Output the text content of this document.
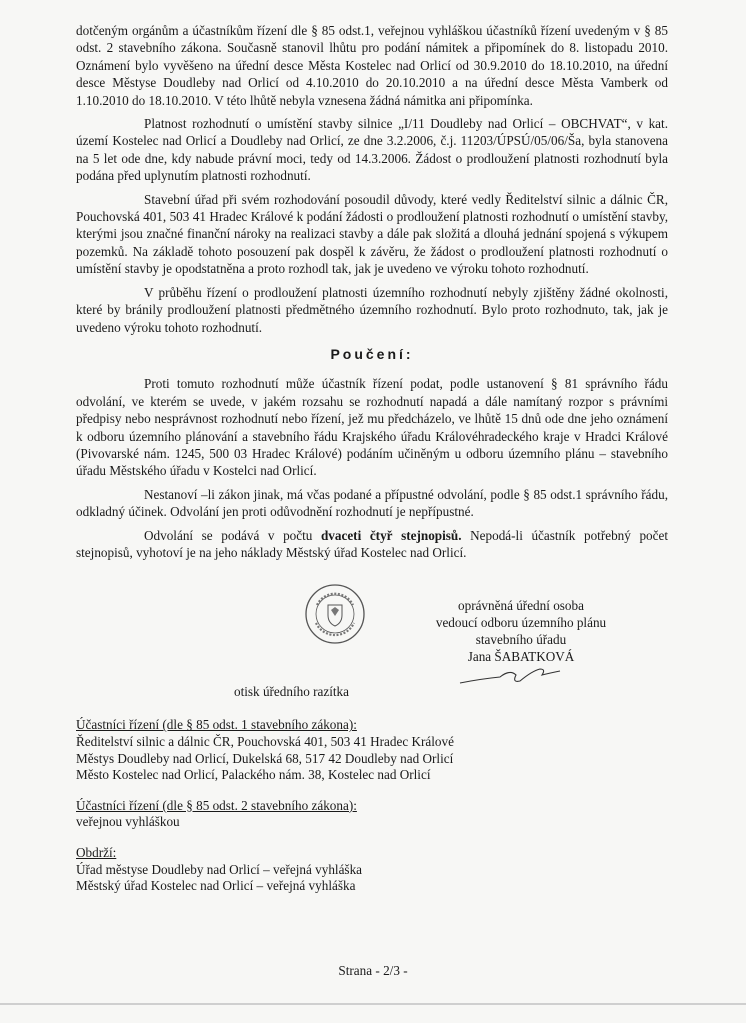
dotčeným orgánům a účastníkům řízení dle § 85 odst.1, veřejnou vyhláškou účastníků řízení uvedeným v § 85 odst. 2 stavebního zákona. Současně stanovil lhůtu pro podání námitek a připomínek do 8. listopadu 2010. Oznámení bylo vyvěšeno na úřední desce Města Kostelec nad Orlicí od 30.9.2010 do 18.10.2010, na úřední desce Městyse Doudleby nad Orlicí od 4.10.2010 do 20.10.2010 a na úřední desce Města Vamberk od 1.10.2010 do 18.10.2010. V této lhůtě nebyla vznesena žádná námitka ani připomínka.

Platnost rozhodnutí o umístění stavby silnice „I/11 Doudleby nad Orlicí – OBCHVAT“, v kat. území Kostelec nad Orlicí a Doudleby nad Orlicí, ze dne 3.2.2006, č.j. 11203/ÚPSÚ/05/06/Ša, byla stanovena na 5 let ode dne, kdy nabude právní moci, tedy od 14.3.2006. Žádost o prodloužení platnosti rozhodnutí byla podána před uplynutím platnosti rozhodnutí.

Stavební úřad při svém rozhodování posoudil důvody, které vedly Ředitelství silnic a dálnic ČR, Pouchovská 401, 503 41 Hradec Králové k podání žádosti o prodloužení platnosti rozhodnutí o umístění stavby, kterými jsou značné finanční nároky na realizaci stavby a dále pak složitá a dlouhá jednání spojená s výkupem pozemků. Na základě tohoto posouzení pak dospěl k závěru, že žádost o prodloužení platnosti rozhodnutí o umístění stavby je opodstatněna a proto rozhodl tak, jak je uvedeno ve výroku tohoto rozhodnutí.

V průběhu řízení o prodloužení platnosti územního rozhodnutí nebyly zjištěny žádné okolnosti, které by bránily prodloužení platnosti předmětného územního rozhodnutí. Bylo proto rozhodnuto, tak, jak je uvedeno výroku tohoto rozhodnutí.

Poučení:

Proti tomuto rozhodnutí může účastník řízení podat, podle ustanovení § 81 správního řádu odvolání, ve kterém se uvede, v jakém rozsahu se rozhodnutí napadá a dále namítaný rozpor s právními předpisy nebo nesprávnost rozhodnutí nebo řízení, jež mu předcházelo, ve lhůtě 15 dnů ode dne jeho oznámení k odboru územního plánování a stavebního řádu Krajského úřadu Královéhradeckého kraje v Hradci Králové (Pivovarské nám. 1245, 500 03 Hradec Králové) podáním učiněným u odboru územního plánu – stavebního úřadu Městského úřadu v Kostelci nad Orlicí.

Nestanoví –li zákon jinak, má včas podané a přípustné odvolání, podle § 85 odst.1 správního řádu, odkladný účinek. Odvolání jen proti odůvodnění rozhodnutí je nepřípustné.

Odvolání se podává v počtu dvaceti čtyř stejnopisů. Nepodá-li účastník potřebný počet stejnopisů, vyhotoví je na jeho náklady Městský úřad Kostelec nad Orlicí.

oprávněná úřední osoba
vedoucí odboru územního plánu
stavebního úřadu
Jana ŠABATKOVÁ
otisk úředního razítka
Účastníci řízení (dle § 85 odst. 1 stavebního zákona):
Ředitelství silnic a dálnic ČR, Pouchovská 401, 503 41 Hradec Králové
Městys Doudleby nad Orlicí, Dukelská 68, 517 42 Doudleby nad Orlicí
Město Kostelec nad Orlicí, Palackého nám. 38, Kostelec nad Orlicí
Účastníci řízení (dle § 85 odst. 2 stavebního zákona):
veřejnou vyhláškou
Obdrží:
Úřad městyse Doudleby nad Orlicí – veřejná vyhláška
Městský úřad Kostelec nad Orlicí – veřejná vyhláška
Strana - 2/3 -
